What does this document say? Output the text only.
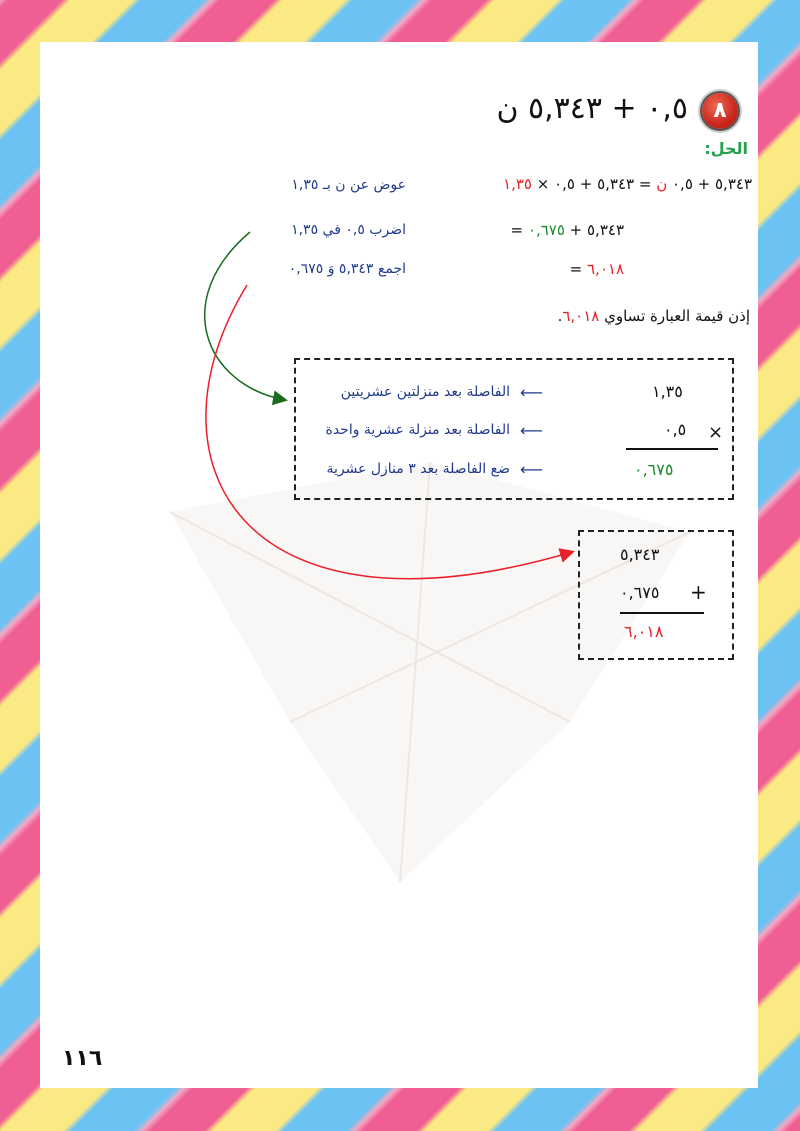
٨
٠,٥ + ٥,٣٤٣ ن
الحل:
٥,٣٤٣ + ٠,٥ ن = ٥,٣٤٣ + ٠,٥ × ١,٣٥
عوض عن ن بـ ١,٣٥
= ٥,٣٤٣ + ٠,٦٧٥
اضرب ٠,٥ في ١,٣٥
= ٦,٠١٨
اجمع ٥,٣٤٣ وَ ٠,٦٧٥
إذن قيمة العبارة تساوي ٦,٠١٨.
١,٣٥
⟵
الفاصلة بعد منزلتين عشريتين
×
٠,٥
⟵
الفاصلة بعد منزلة عشرية واحدة
٠,٦٧٥
⟵
ضع الفاصلة بعد ٣ منازل عشرية
٥,٣٤٣
٠,٦٧٥ +
٦,٠١٨
١١٦
